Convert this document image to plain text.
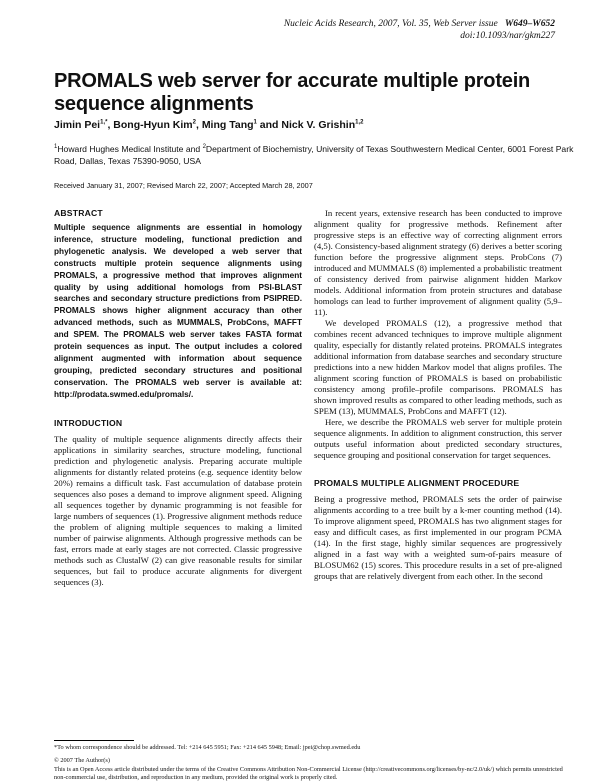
Nucleic Acids Research, 2007, Vol. 35, Web Server issue W649–W652
doi:10.1093/nar/gkm227
PROMALS web server for accurate multiple protein sequence alignments
Jimin Pei$^{1,*}$, Bong-Hyun Kim$^2$, Ming Tang$^1$ and Nick V. Grishin$^{1,2}$
$^1$Howard Hughes Medical Institute and $^2$Department of Biochemistry, University of Texas Southwestern Medical Center, 6001 Forest Park Road, Dallas, Texas 75390-9050, USA
Received January 31, 2007; Revised March 22, 2007; Accepted March 28, 2007
ABSTRACT

Multiple sequence alignments are essential in homology inference, structure modeling, functional prediction and phylogenetic analysis. We developed a web server that constructs multiple protein sequence alignments using PROMALS, a progressive method that improves alignment quality by using additional homologs from PSI-BLAST searches and secondary structure predictions from PSIPRED. PROMALS shows higher alignment accuracy than other advanced methods, such as MUMMALS, ProbCons, MAFFT and SPEM. The PROMALS web server takes FASTA format protein sequences as input. The output includes a colored alignment augmented with information about sequence grouping, predicted secondary structures and positional conservation. The PROMALS web server is available at: http://prodata.swmed.edu/promals/.

INTRODUCTION

The quality of multiple sequence alignments directly affects their applications in similarity searches, structure modeling, functional prediction and phylogenetic analysis. Preparing accurate multiple alignments for distantly related proteins (e.g. sequence identity below 20%) remains a difficult task. Fast accumulation of database protein sequences also poses a demand to improve alignment speed. Aligning all sequences together by dynamic programming is not feasible for large numbers of sequences (1). Progressive alignment methods reduce the problem of aligning multiple sequences to making a limited number of pairwise alignments. Although progressive methods can be fast, errors made at early stages are not corrected. Classic progressive methods such as ClustalW (2) can give reasonable results for similar sequences, but fail to produce accurate alignments for divergent sequences (3).

In recent years, extensive research has been conducted to improve alignment quality for progressive methods. Refinement after progressive steps is an effective way of correcting alignment errors (4,5). Consistency-based alignment strategy (6) derives a better scoring function before the progressive alignment steps. ProbCons (7) introduced and MUMMALS (8) implemented a probabilistic treatment of consistency derived from pairwise alignment hidden Markov models. Additional information from protein structures and database homologs can lead to further improvement of alignment quality (5,9–11).

We developed PROMALS (12), a progressive method that combines recent advanced techniques to improve multiple alignment quality, especially for distantly related proteins. PROMALS integrates additional information from database searches and secondary structure predictions into a new hidden Markov model that aligns profiles. The alignment scoring function of PROMALS is based on probabilistic consistency among profile–profile comparisons. PROMALS has shown improved results as compared to other leading methods, such as SPEM (13), MUMMALS, ProbCons and MAFFT (12).

Here, we describe the PROMALS web server for multiple protein sequence alignments. In addition to alignment construction, this server outputs useful information about predicted secondary structures, sequence grouping and positional conservation for target sequences.

PROMALS MULTIPLE ALIGNMENT PROCEDURE

Being a progressive method, PROMALS sets the order of pairwise alignments according to a tree built by a k-mer counting method (14). To improve alignment speed, PROMALS has two alignment stages for easy and difficult cases, as first implemented in our program PCMA (14). In the first stage, highly similar sequences are progressively aligned in a fast way with a weighted sum-of-pairs measure of BLOSUM62 (15) scores. This procedure results in a set of pre-aligned groups that are relatively divergent from each other. In the second

*To whom correspondence should be addressed. Tel: +214 645 5951; Fax: +214 645 5948; Email: jpei@chop.swmed.edu
© 2007 The Author(s)
This is an Open Access article distributed under the terms of the Creative Commons Attribution Non-Commercial License (http://creativecommons.org/licenses/by-nc/2.0/uk/) which permits unrestricted non-commercial use, distribution, and reproduction in any medium, provided the original work is properly cited.
